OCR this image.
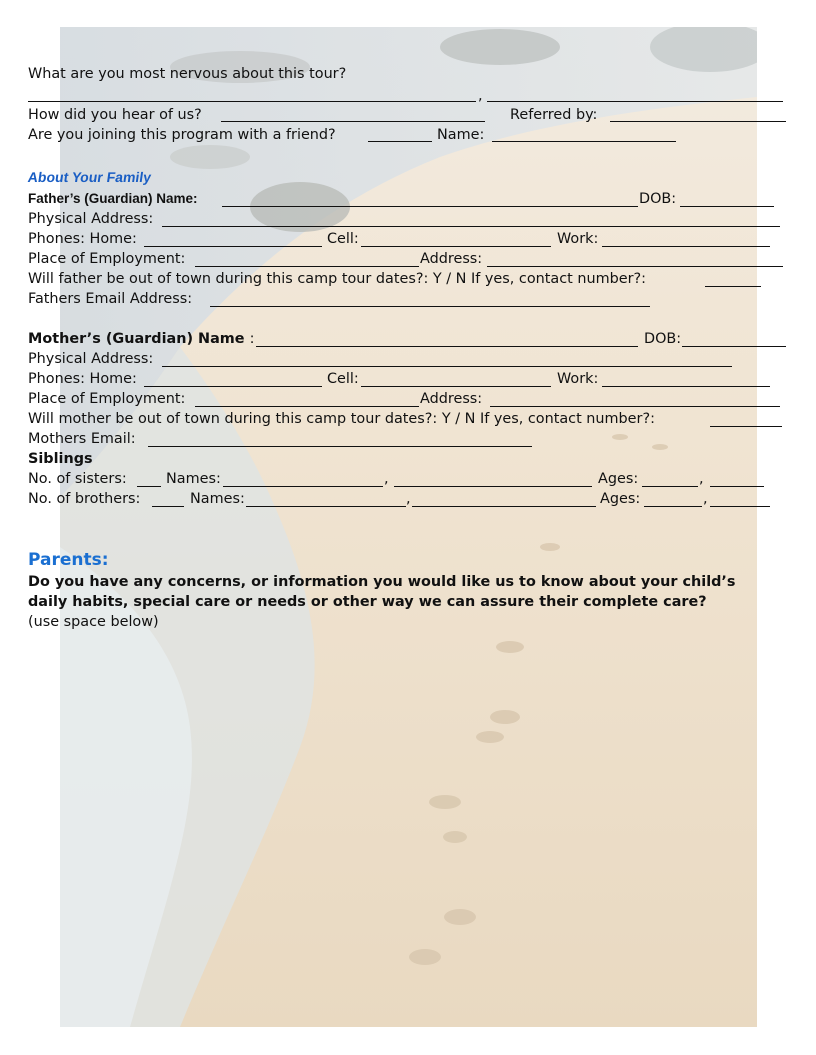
What are you most nervous about this tour?
,
How did you hear of us?	Referred by:
Are you joining this program with a friend?	Name:
About Your Family
Father’s (Guardian) Name:	DOB:
Physical Address:
Phones: Home:	Cell:	Work:
Place of Employment:	Address:
Will father be out of town during this camp tour dates?: Y / N If yes, contact number?:
Fathers Email Address:
Mother’s (Guardian) Name :	DOB:
Physical Address:
Phones: Home:	Cell:	Work:
Place of Employment:	Address:
Will mother be out of town during this camp tour dates?: Y / N If yes, contact number?:
Mothers Email:
Siblings
No. of sisters:	Names:	,	Ages:	,
No. of brothers:	Names:	,	Ages:	,
Parents:
Do you have any concerns, or information you would like us to know about your child’s
daily habits, special care or needs or other way we can assure their complete care?
(use space below)
